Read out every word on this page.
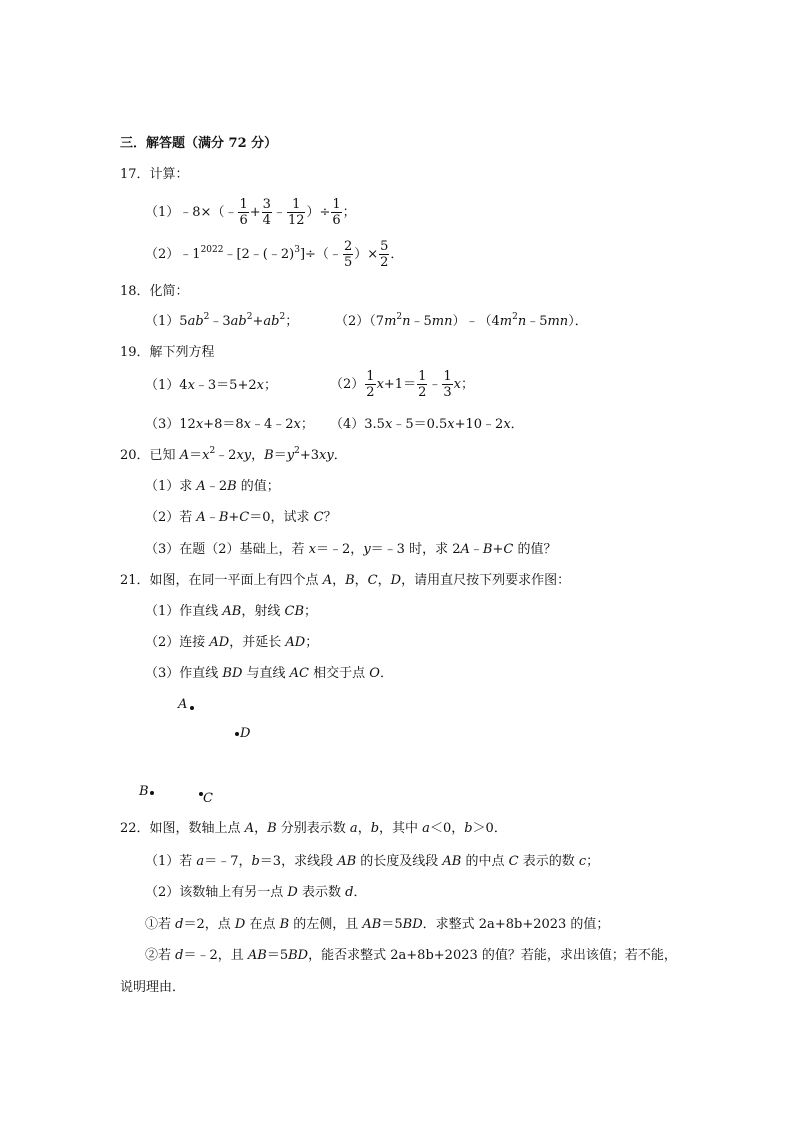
三．解答题（满分 72 分）
17．计算：
（1）﹣8×（﹣ $\frac{1}{6} + \frac{3}{4}$ ﹣ $\frac{1}{12}$ ）÷ $\frac{1}{6}$ ；
$(2)﹣1^{2022}﹣[2﹣(﹣2)^3]\div(﹣ \frac{2}{5}$ ）× $\frac{5}{2}$ ．
18．化简：
$(1)5ab^2﹣3ab^2+ab^2$；	$(2)(7m^2n﹣5mn)﹣(4m^2n﹣5mn)$．
19．解下列方程
（1）4x﹣3＝5+2x；	$(2) \frac{1}{2} x+1= \frac{1}{2}$ ﹣ $\frac{1}{3}$ x；
（3）12x+8＝8x﹣4﹣2x； （4）3.5x﹣5＝0.5x+10﹣2x．
20．已知 $A=x^2﹣2xy$，$B=y^2+3xy$．
（1）求 A﹣2B 的值；
（2）若 A﹣B+C＝0，试求 C？
（3）在题（2）基础上，若 x＝﹣2，y＝﹣3 时，求 2A﹣B+C 的值？
21．如图，在同一平面上有四个点 A，B，C，D，请用直尺按下列要求作图：
（1）作直线 AB，射线 CB；
（2）连接 AD，并延长 AD；
（3）作直线 BD 与直线 AC 相交于点 O．
A
D
B	C
22．如图，数轴上点 A，B 分别表示数 a，b，其中 a＜0，b＞0．
（1）若 a＝﹣7，b＝3，求线段 AB 的长度及线段 AB 的中点 C 表示的数 c；
（2）该数轴上有另一点 D 表示数 d．
①若 d＝2，点 D 在点 B 的左侧，且 AB＝5BD．求整式 2a+8b+2023 的值；
②若 d＝﹣2，且 AB＝5BD，能否求整式 2a+8b+2023 的值？若能，求出该值；若不能，
说明理由．
